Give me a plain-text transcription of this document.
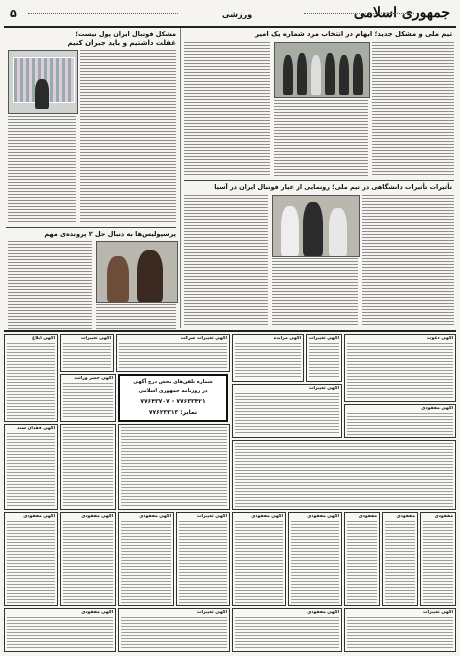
جمهوری اسلامی
۵	ورزشی
مشکل فوتبال ایران پول نیست؛
غفلت داشتیم و باید جبران کنیم
پرسپولیس‌ها به دنبال حل ۲ پرونده‌ی مهم
تیم ملی و مشکل جدید؛ ابهام در انتخاب مرد شماره یک امیر
تأثیرات تأثیرات دانشگاهی در تیم ملی؛ رونمایی از عیار فوتبال ایران در آسیا
آگهی ابلاغ	آگهی تغییرات	آگهی تغییرات شرکت	آگهی مزایده آگهی تغییرات	آگهی دعوت
شماره تلفن‌های بخش درج آگهی
در روزنامه جمهوری اسلامی
۷۷۶۳۳۴۲۱ - ۷۷۶۴۳۷۰۷
نمابر: ۷۷۶۲۳۳۱۳
آگهی حصر وراثت
آگهی تغییرات
آگهی مفقودی
آگهی فقدان سند
آگهی مفقودی	آگهی مفقودی	آگهی مفقودی	آگهی تغییرات	آگهی مفقودی	آگهی مفقودی	مفقودی	مفقودی	مفقودی
آگهی مفقودی	آگهی تغییرات	آگهی مفقودی	آگهی تغییرات
